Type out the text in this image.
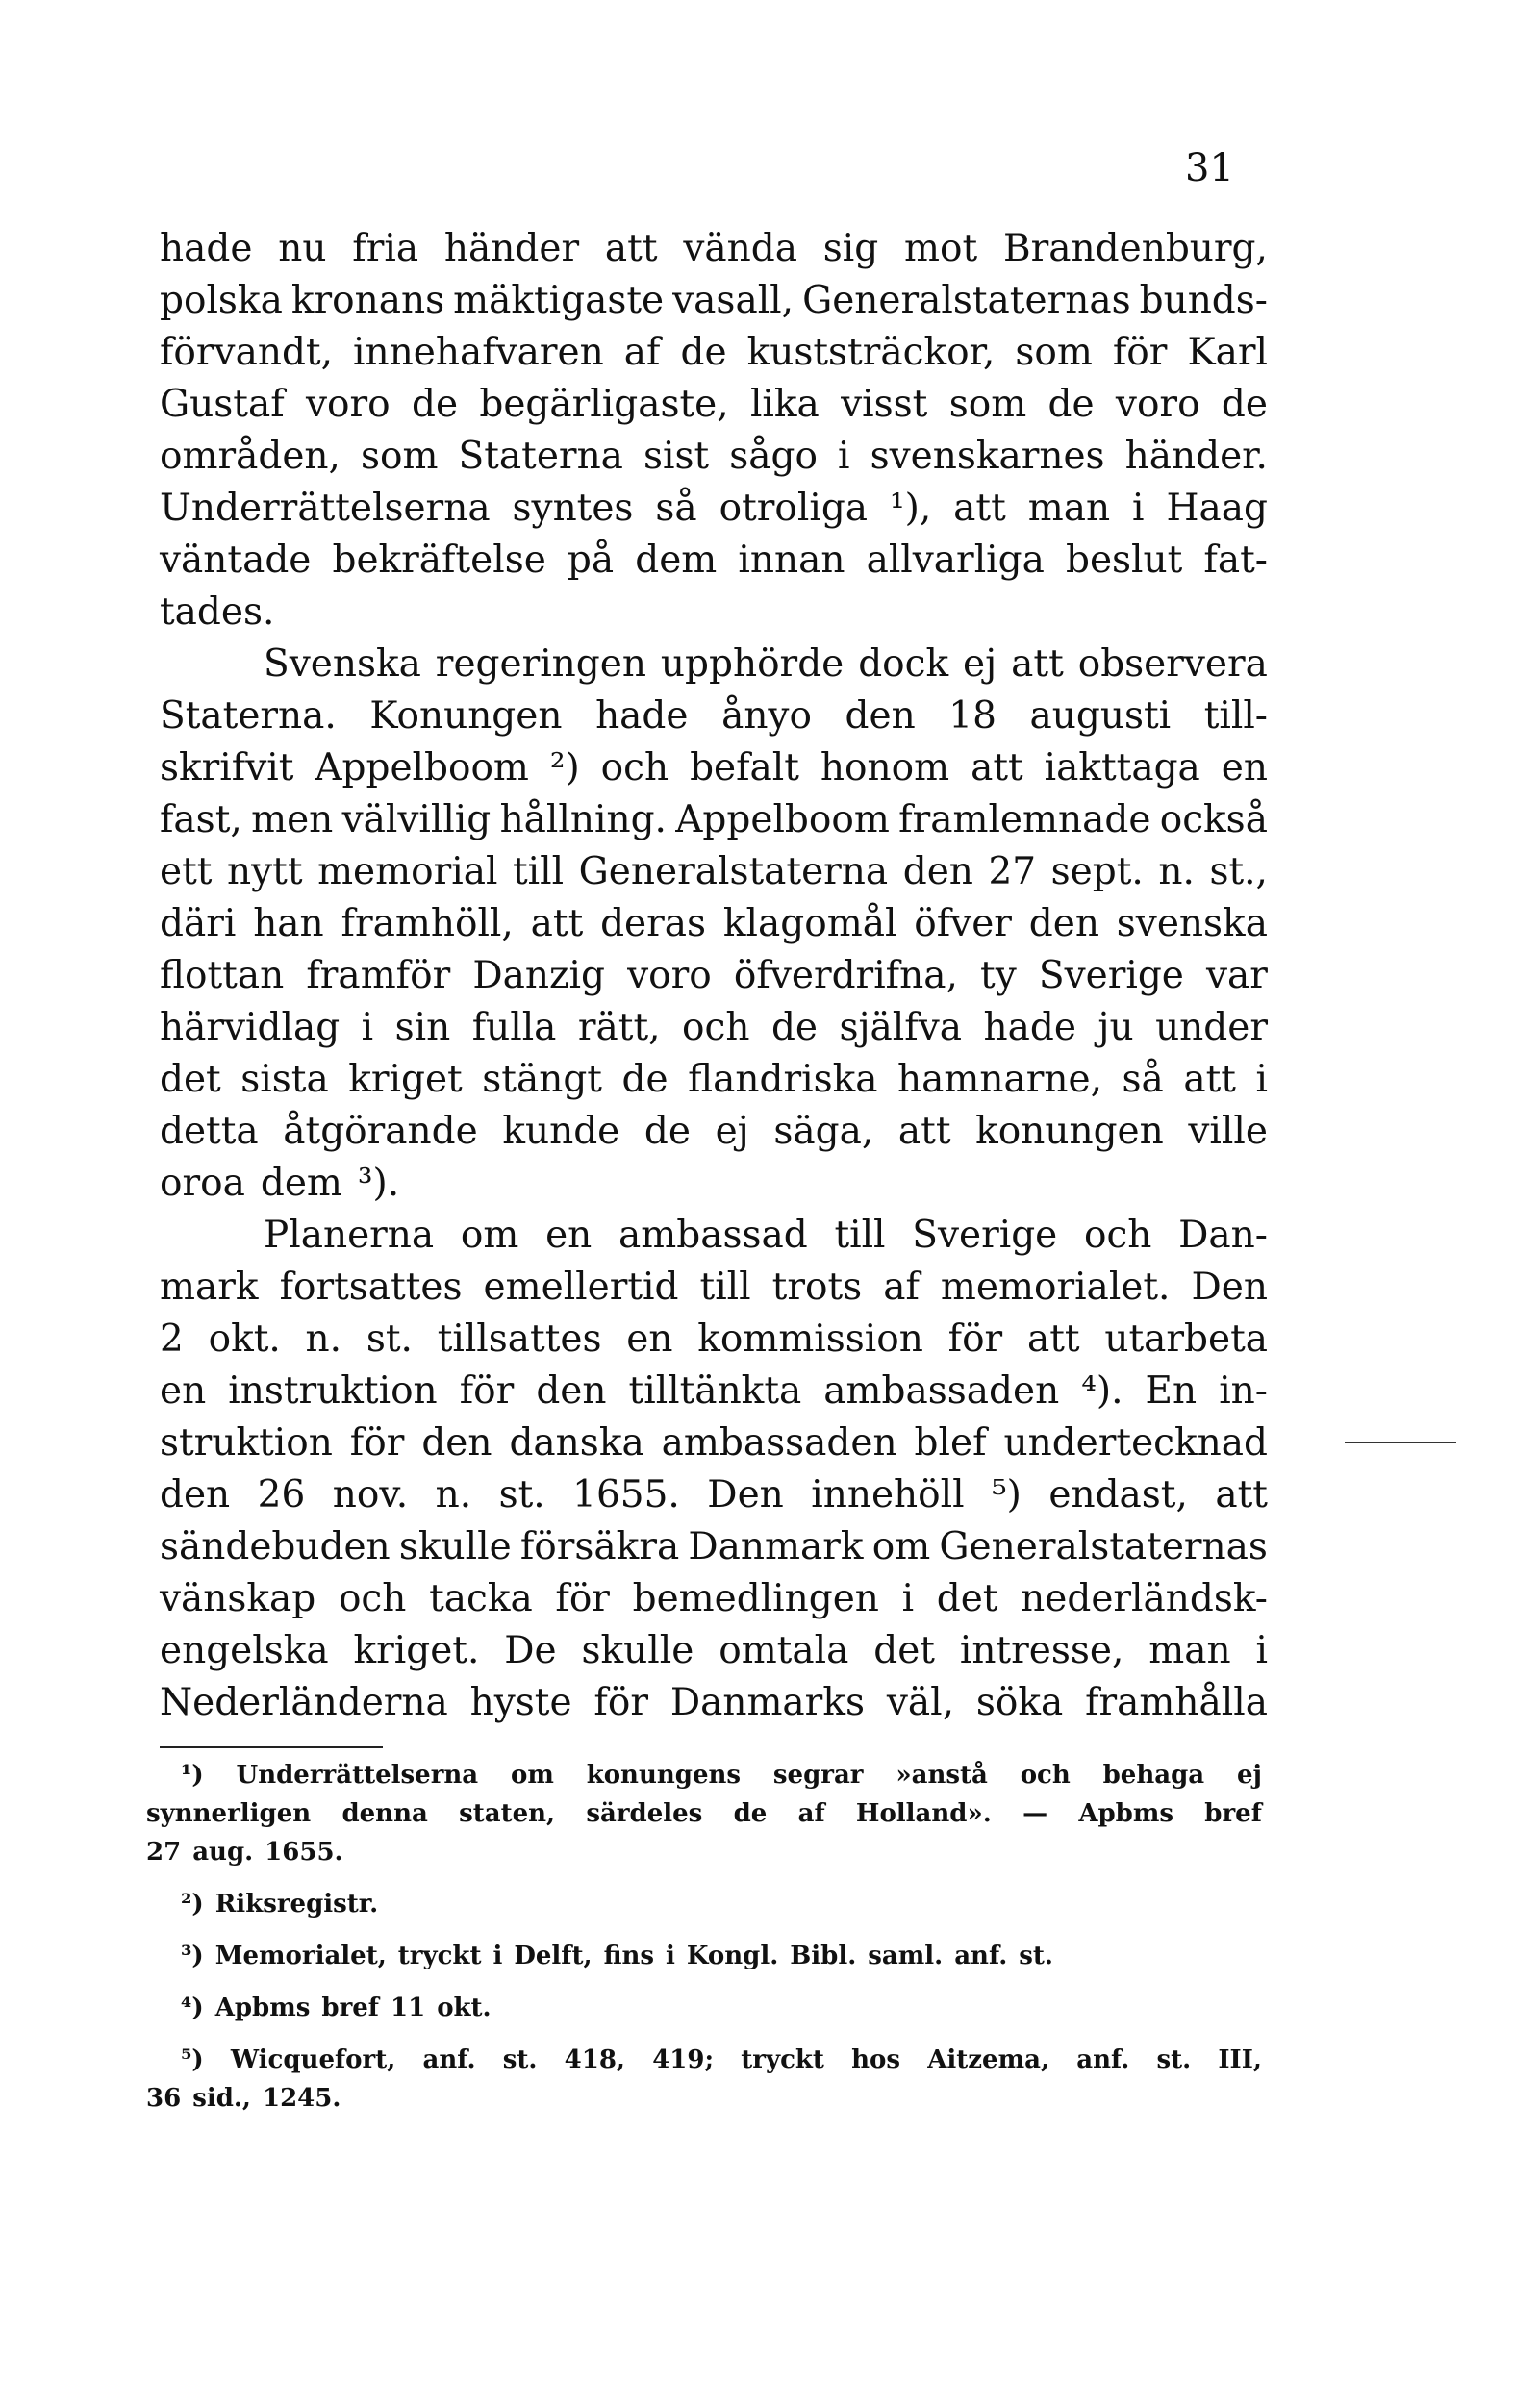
31
hade nu fria händer att vända sig mot Brandenburg,
polska kronans mäktigaste vasall, Generalstaternas bunds-
förvandt, innehafvaren af de kuststräckor, som för Karl
Gustaf voro de begärligaste, lika visst som de voro de
områden, som Staterna sist sågo i svenskarnes händer.
Underrättelserna syntes så otroliga ¹), att man i Haag
väntade bekräftelse på dem innan allvarliga beslut fat-
tades.
Svenska regeringen upphörde dock ej att observera
Staterna. Konungen hade ånyo den 18 augusti till-
skrifvit Appelboom ²) och befalt honom att iakttaga en
fast, men välvillig hållning. Appelboom framlemnade också
ett nytt memorial till Generalstaterna den 27 sept. n. st.,
däri han framhöll, att deras klagomål öfver den svenska
flottan framför Danzig voro öfverdrifna, ty Sverige var
härvidlag i sin fulla rätt, och de själfva hade ju under
det sista kriget stängt de flandriska hamnarne, så att i
detta åtgörande kunde de ej säga, att konungen ville
oroa dem ³).
Planerna om en ambassad till Sverige och Dan-
mark fortsattes emellertid till trots af memorialet. Den
2 okt. n. st. tillsattes en kommission för att utarbeta
en instruktion för den tilltänkta ambassaden ⁴). En in-
struktion för den danska ambassaden blef undertecknad
den 26 nov. n. st. 1655. Den innehöll ⁵) endast, att
sändebuden skulle försäkra Danmark om Generalstaternas
vänskap och tacka för bemedlingen i det nederländsk-
engelska kriget. De skulle omtala det intresse, man i
Nederländerna hyste för Danmarks väl, söka framhålla
¹) Underrättelserna om konungens segrar »anstå och behaga ej
synnerligen denna staten, särdeles de af Holland». — Apbms bref
27 aug. 1655.
²) Riksregistr.
³) Memorialet, tryckt i Delft, fins i Kongl. Bibl. saml. anf. st.
⁴) Apbms bref 11 okt.
⁵) Wicquefort, anf. st. 418, 419; tryckt hos Aitzema, anf. st. III,
36 sid., 1245.
